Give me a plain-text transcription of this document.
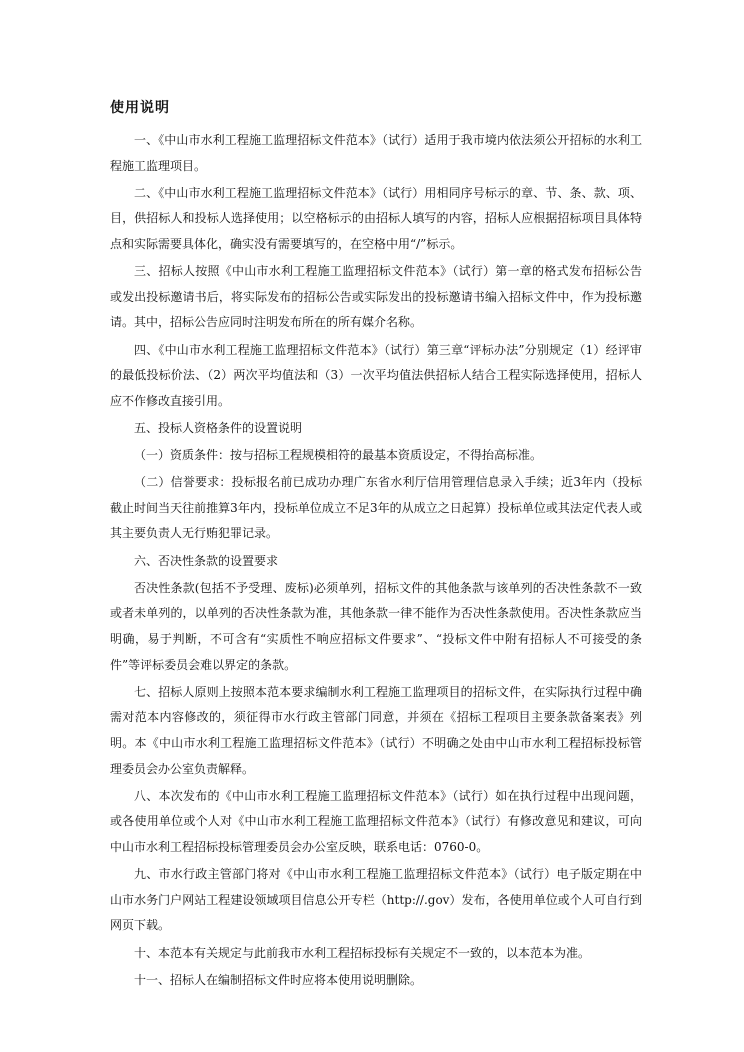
使用说明

一、《中山市水利工程施工监理招标文件范本》（试行）适用于我市境内依法须公开招标的水利工程施工监理项目。

二、《中山市水利工程施工监理招标文件范本》（试行）用相同序号标示的章、节、条、款、项、目，供招标人和投标人选择使用；以空格标示的由招标人填写的内容，招标人应根据招标项目具体特点和实际需要具体化，确实没有需要填写的，在空格中用“/”标示。

三、招标人按照《中山市水利工程施工监理招标文件范本》（试行）第一章的格式发布招标公告或发出投标邀请书后，将实际发布的招标公告或实际发出的投标邀请书编入招标文件中，作为投标邀请。其中，招标公告应同时注明发布所在的所有媒介名称。

四、《中山市水利工程施工监理招标文件范本》（试行）第三章“评标办法”分别规定（1）经评审的最低投标价法、（2）两次平均值法和（3）一次平均值法供招标人结合工程实际选择使用，招标人应不作修改直接引用。

五、投标人资格条件的设置说明

（一）资质条件：按与招标工程规模相符的最基本资质设定，不得抬高标准。

（二）信誉要求：投标报名前已成功办理广东省水利厅信用管理信息录入手续；近3年内（投标截止时间当天往前推算3年内，投标单位成立不足3年的从成立之日起算）投标单位或其法定代表人或其主要负责人无行贿犯罪记录。

六、否决性条款的设置要求

否决性条款(包括不予受理、废标)必须单列，招标文件的其他条款与该单列的否决性条款不一致或者未单列的，以单列的否决性条款为准，其他条款一律不能作为否决性条款使用。否决性条款应当明确，易于判断，不可含有“实质性不响应招标文件要求”、“投标文件中附有招标人不可接受的条件”等评标委员会难以界定的条款。

七、招标人原则上按照本范本要求编制水利工程施工监理项目的招标文件，在实际执行过程中确需对范本内容修改的，须征得市水行政主管部门同意，并须在《招标工程项目主要条款备案表》列明。本《中山市水利工程施工监理招标文件范本》（试行）不明确之处由中山市水利工程招标投标管理委员会办公室负责解释。

八、本次发布的《中山市水利工程施工监理招标文件范本》（试行）如在执行过程中出现问题，或各使用单位或个人对《中山市水利工程施工监理招标文件范本》（试行）有修改意见和建议，可向中山市水利工程招标投标管理委员会办公室反映，联系电话：0760-0。

九、市水行政主管部门将对《中山市水利工程施工监理招标文件范本》（试行）电子版定期在中山市水务门户网站工程建设领域项目信息公开专栏（http://.gov）发布，各使用单位或个人可自行到网页下载。

十、本范本有关规定与此前我市水利工程招标投标有关规定不一致的，以本范本为准。

十一、招标人在编制招标文件时应将本使用说明删除。
